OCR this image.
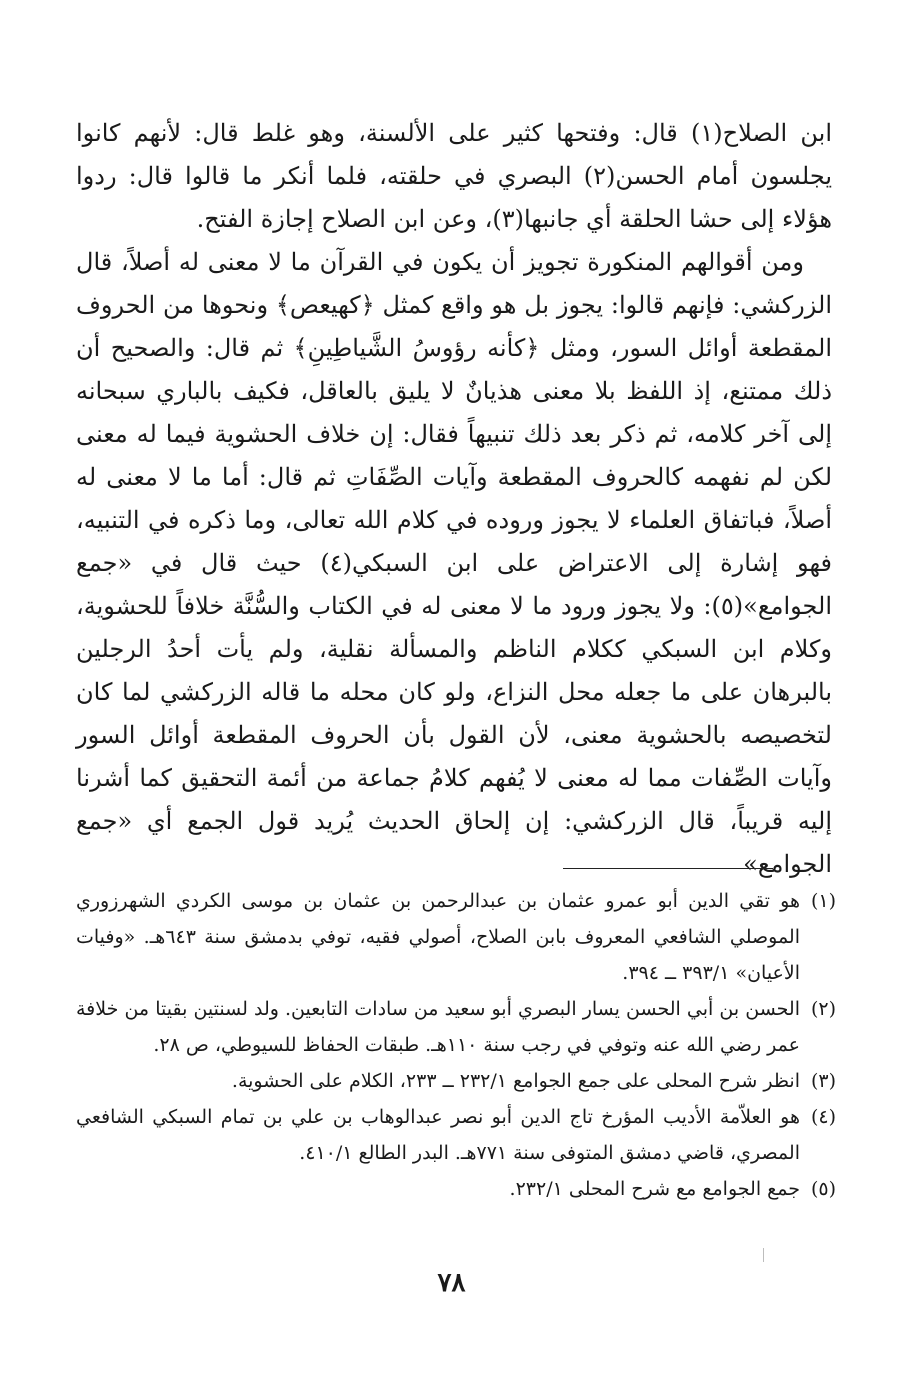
ابن الصلاح(١) قال: وفتحها كثير على الألسنة، وهو غلط قال: لأنهم كانوا يجلسون أمام الحسن(٢) البصري في حلقته، فلما أنكر ما قالوا قال: ردوا هؤلاء إلى حشا الحلقة أي جانبها(٣)، وعن ابن الصلاح إجازة الفتح.

ومن أقوالهم المنكورة تجويز أن يكون في القرآن ما لا معنى له أصلاً، قال الزركشي: فإنهم قالوا: يجوز بل هو واقع كمثل ﴿كهيعص﴾ ونحوها من الحروف المقطعة أوائل السور، ومثل ﴿كأنه رؤوسُ الشَّياطِينِ﴾ ثم قال: والصحيح أن ذلك ممتنع، إذ اللفظ بلا معنى هذيانٌ لا يليق بالعاقل، فكيف بالباري سبحانه إلى آخر كلامه، ثم ذكر بعد ذلك تنبيهاً فقال: إن خلاف الحشوية فيما له معنى لكن لم نفهمه كالحروف المقطعة وآيات الصِّفَاتِ ثم قال: أما ما لا معنى له أصلاً، فباتفاق العلماء لا يجوز وروده في كلام الله تعالى، وما ذكره في التنبيه، فهو إشارة إلى الاعتراض على ابن السبكي(٤) حيث قال في «جمع الجوامع»(٥): ولا يجوز ورود ما لا معنى له في الكتاب والسُّنَّة خلافاً للحشوية، وكلام ابن السبكي ككلام الناظم والمسألة نقلية، ولم يأت أحدُ الرجلين بالبرهان على ما جعله محل النزاع، ولو كان محله ما قاله الزركشي لما كان لتخصيصه بالحشوية معنى، لأن القول بأن الحروف المقطعة أوائل السور وآيات الصِّفات مما له معنى لا يُفهم كلامُ جماعة من أئمة التحقيق كما أشرنا إليه قريباً، قال الزركشي: إن إلحاق الحديث يُريد قول الجمع أي «جمع الجوامع»

(١)
هو تقي الدين أبو عمرو عثمان بن عبدالرحمن بن عثمان بن موسى الكردي الشهرزوري الموصلي الشافعي المعروف بابن الصلاح، أصولي فقيه، توفي بدمشق سنة ٦٤٣هـ. «وفيات الأعيان» ٣٩٣/١ ــ ٣٩٤.
(٢)
الحسن بن أبي الحسن يسار البصري أبو سعيد من سادات التابعين. ولد لسنتين بقيتا من خلافة عمر رضي الله عنه وتوفي في رجب سنة ١١٠هـ. طبقات الحفاظ للسيوطي، ص ٢٨.
(٣)
انظر شرح المحلى على جمع الجوامع ٢٣٢/١ ــ ٢٣٣، الكلام على الحشوية.
(٤)
هو العلاّمة الأديب المؤرخ تاج الدين أبو نصر عبدالوهاب بن علي بن تمام السبكي الشافعي المصري، قاضي دمشق المتوفى سنة ٧٧١هـ. البدر الطالع ٤١٠/١.
(٥)
جمع الجوامع مع شرح المحلى ٢٣٢/١.
٧٨
